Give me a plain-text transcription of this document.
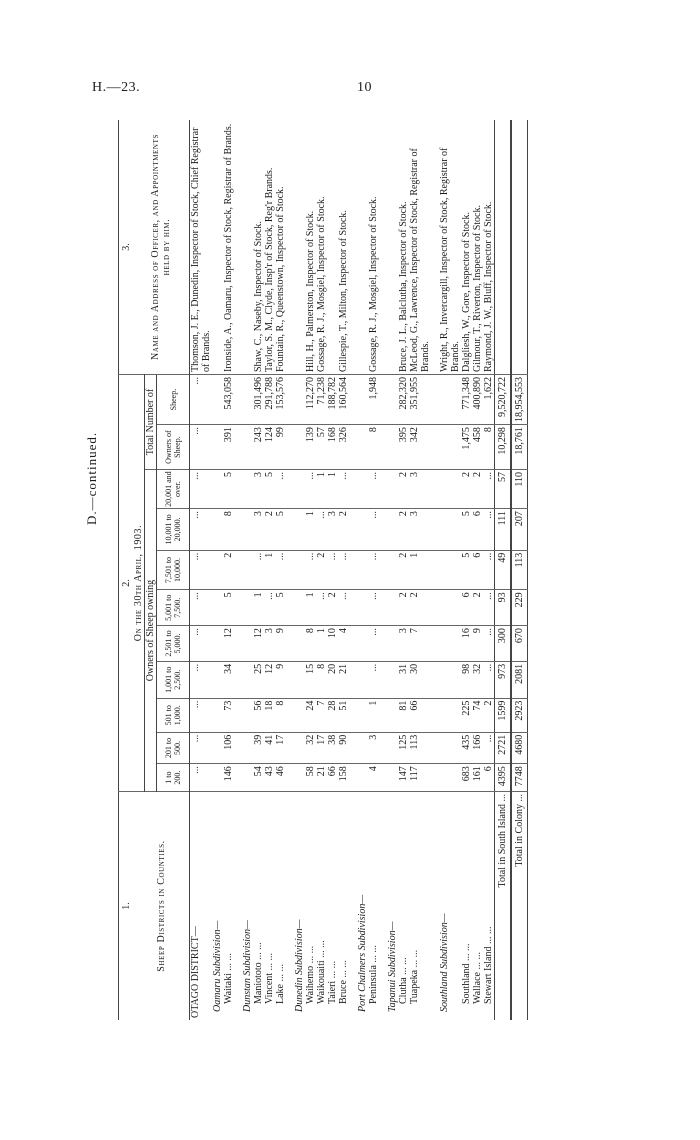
H.—23.	10
D.—continued.
1.	2.											3.
Sheep Districts in Counties.	On the 30th April, 1903.											Name and Address of Officer, and Appointments held by him.
	Owners of Sheep owning									Total Number of		
	1 to 200.	201 to 500.	501 to 1,000.	1,001 to 2,500.	2,501 to 5,000.	5,001 to 7,500.	7,501 to 10,000.	10,001 to 20,000.	20,001 and over.	Owners of Sheep.	Sheep.	

OTAGO DISTRICT—	...	...	...	...	...	...	...	...	...	...	...	Thomson, J. E., Dunedin, Inspector of Stock, Chief Registrar of Brands.
Oamaru Subdivision—												
Waitaki ... ...	146	106	73	34	12	5	2	8	5	391	543,058	Ironside, A., Oamaru, Inspector of Stock, Registrar of Brands.

Dunstan Subdivision—												
Maniototo ... ...	54	39	56	25	12	1	...	3	3	243	301,496	Shaw, C., Naseby, Inspector of Stock.
Vincent ... ...	43	41	18	12	3	...	1	2	5	124	291,788	Taylor, S. M., Clyde, Insp'r of Stock, Reg'r Brands.
Lake ... ...	46	17	8	9	9	5	...	5	...	99	153,576	Fountain, R., Queenstown, Inspector of Stock.

Dunedin Subdivision—												
Waihemo ... ...	58	32	24	15	8	1	...	1	...	139	112,270	Hill, H., Palmerston, Inspector of Stock.
Waikouaiti ... ...	21	17	7	8	1	...	2	...	1	57	71,238	Gossage, R. J., Mosgiel, Inspector of Stock.
Taieri ... ...	66	38	28	20	10	2	...	3	1	168	188,782	
Bruce ... ...	158	90	51	21	4	...	...	2	...	326	160,564	Gillespie, T., Milton, Inspector of Stock.

Port Chalmers Subdivision—												
Peninsula ... ...	4	3	1	...	...	...	...	...	...	8	1,948	Gossage, R. J., Mosgiel, Inspector of Stock.

Tapanui Subdivision—												
Clutha ... ...	147	125	81	31	3	2	2	2	2	395	282,320	Bruce, J. L., Balclutha, Inspector of Stock.
Tuapeka ... ...	117	113	66	30	7	2	1	3	3	342	351,955	McLeod, G., Lawrence, Inspector of Stock, Registrar of Brands.

Southland Subdivision—												Wright, R., Invercargill, Inspector of Stock, Registrar of Brands.
Southland ... ...	683	435	225	98	16	6	5	5	2	1,475	771,348	Dalgliesh, W., Gore, Inspector of Stock.
Wallace ... ...	161	166	74	32	9	2	6	6	2	458	400,890	Gilmour, T., Riverton, Inspector of Stock.
Stewart Island ... ...	6	...	2	...	...	...	...	...	...	8	1,622	Raymond, J. W., Bluff, Inspector of Stock.
Total in South Island ...	4395	2721	1599	973	300	93	49	111	57	10,298	9,520,722	
Total in Colony ...	7748	4680	2923	2081	670	229	113	207	110	18,761	18,954,553	
